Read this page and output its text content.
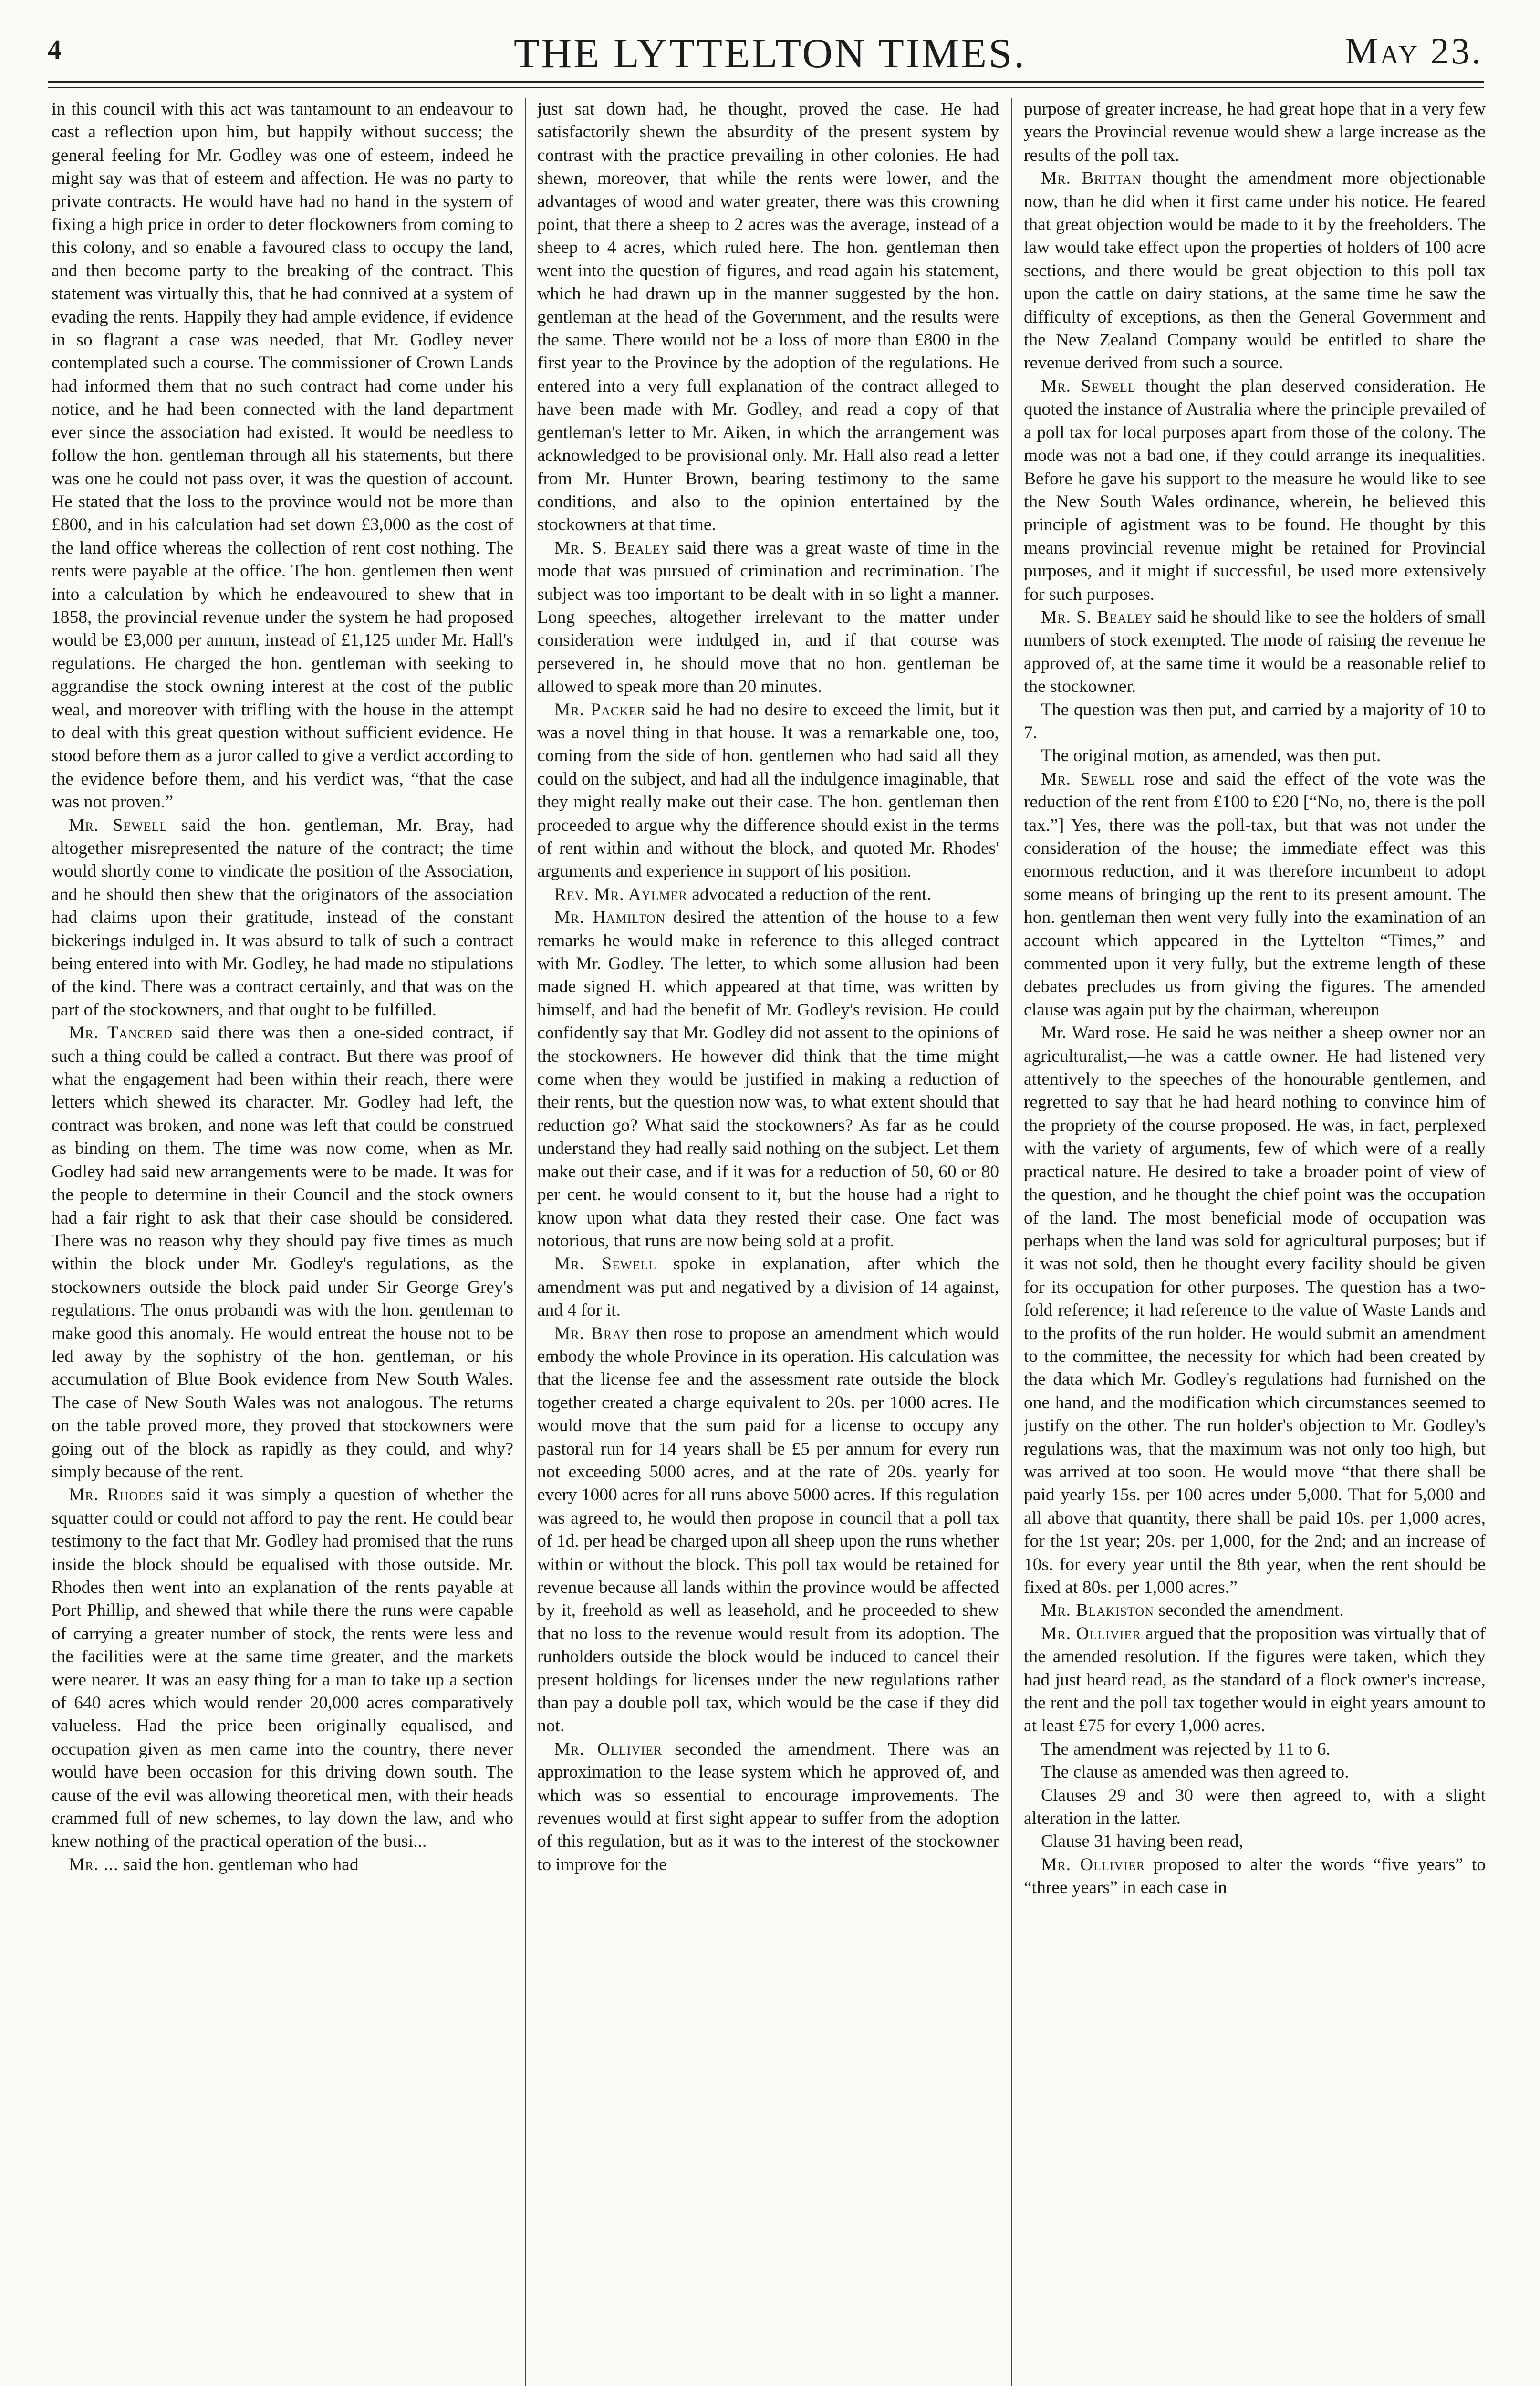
4	THE LYTTELTON TIMES.	May 23.

in this council with this act was tantamount to an endeavour to cast a reflection upon him, but happily without success; the general feeling for Mr. Godley was one of esteem, indeed he might say was that of esteem and affection. He was no party to private contracts. He would have had no hand in the system of fixing a high price in order to deter flockowners from coming to this colony, and so enable a favoured class to occupy the land, and then become party to the breaking of the contract. This statement was virtually this, that he had connived at a system of evading the rents. Happily they had ample evidence, if evidence in so flagrant a case was needed, that Mr. Godley never contemplated such a course. The commissioner of Crown Lands had informed them that no such contract had come under his notice, and he had been connected with the land department ever since the association had existed. It would be needless to follow the hon. gentleman through all his statements, but there was one he could not pass over, it was the question of account. He stated that the loss to the province would not be more than £800, and in his calculation had set down £3,000 as the cost of the land office whereas the collection of rent cost nothing. The rents were payable at the office. The hon. gentlemen then went into a calculation by which he endeavoured to shew that in 1858, the provincial revenue under the system he had proposed would be £3,000 per annum, instead of £1,125 under Mr. Hall's regulations. He charged the hon. gentleman with seeking to aggrandise the stock owning interest at the cost of the public weal, and moreover with trifling with the house in the attempt to deal with this great question without sufficient evidence. He stood before them as a juror called to give a verdict according to the evidence before them, and his verdict was, “that the case was not proven.”

Mr. Sewell said the hon. gentleman, Mr. Bray, had altogether misrepresented the nature of the contract; the time would shortly come to vindicate the position of the Association, and he should then shew that the originators of the association had claims upon their gratitude, instead of the constant bickerings indulged in. It was absurd to talk of such a contract being entered into with Mr. Godley, he had made no stipulations of the kind. There was a contract certainly, and that was on the part of the stockowners, and that ought to be fulfilled.

Mr. Tancred said there was then a one-sided contract, if such a thing could be called a contract. But there was proof of what the engagement had been within their reach, there were letters which shewed its character. Mr. Godley had left, the contract was broken, and none was left that could be construed as binding on them. The time was now come, when as Mr. Godley had said new arrangements were to be made. It was for the people to determine in their Council and the stock owners had a fair right to ask that their case should be considered. There was no reason why they should pay five times as much within the block under Mr. Godley's regulations, as the stockowners outside the block paid under Sir George Grey's regulations. The onus probandi was with the hon. gentleman to make good this anomaly. He would entreat the house not to be led away by the sophistry of the hon. gentleman, or his accumulation of Blue Book evidence from New South Wales. The case of New South Wales was not analogous. The returns on the table proved more, they proved that stockowners were going out of the block as rapidly as they could, and why? simply because of the rent.

Mr. Rhodes said it was simply a question of whether the squatter could or could not afford to pay the rent. He could bear testimony to the fact that Mr. Godley had promised that the runs inside the block should be equalised with those outside. Mr. Rhodes then went into an explanation of the rents payable at Port Phillip, and shewed that while there the runs were capable of carrying a greater number of stock, the rents were less and the facilities were at the same time greater, and the markets were nearer. It was an easy thing for a man to take up a section of 640 acres which would render 20,000 acres comparatively valueless. Had the price been originally equalised, and occupation given as men came into the country, there never would have been occasion for this driving down south. The cause of the evil was allowing theoretical men, with their heads crammed full of new schemes, to lay down the law, and who knew nothing of the practical operation of the busi...

Mr. ... said the hon. gentleman who had

just sat down had, he thought, proved the case. He had satisfactorily shewn the absurdity of the present system by contrast with the practice prevailing in other colonies. He had shewn, moreover, that while the rents were lower, and the advantages of wood and water greater, there was this crowning point, that there a sheep to 2 acres was the average, instead of a sheep to 4 acres, which ruled here. The hon. gentleman then went into the question of figures, and read again his statement, which he had drawn up in the manner suggested by the hon. gentleman at the head of the Government, and the results were the same. There would not be a loss of more than £800 in the first year to the Province by the adoption of the regulations. He entered into a very full explanation of the contract alleged to have been made with Mr. Godley, and read a copy of that gentleman's letter to Mr. Aiken, in which the arrangement was acknowledged to be provisional only. Mr. Hall also read a letter from Mr. Hunter Brown, bearing testimony to the same conditions, and also to the opinion entertained by the stockowners at that time.

Mr. S. Bealey said there was a great waste of time in the mode that was pursued of crimination and recrimination. The subject was too important to be dealt with in so light a manner. Long speeches, altogether irrelevant to the matter under consideration were indulged in, and if that course was persevered in, he should move that no hon. gentleman be allowed to speak more than 20 minutes.

Mr. Packer said he had no desire to exceed the limit, but it was a novel thing in that house. It was a remarkable one, too, coming from the side of hon. gentlemen who had said all they could on the subject, and had all the indulgence imaginable, that they might really make out their case. The hon. gentleman then proceeded to argue why the difference should exist in the terms of rent within and without the block, and quoted Mr. Rhodes' arguments and experience in support of his position.

Rev. Mr. Aylmer advocated a reduction of the rent.

Mr. Hamilton desired the attention of the house to a few remarks he would make in reference to this alleged contract with Mr. Godley. The letter, to which some allusion had been made signed H. which appeared at that time, was written by himself, and had the benefit of Mr. Godley's revision. He could confidently say that Mr. Godley did not assent to the opinions of the stockowners. He however did think that the time might come when they would be justified in making a reduction of their rents, but the question now was, to what extent should that reduction go? What said the stockowners? As far as he could understand they had really said nothing on the subject. Let them make out their case, and if it was for a reduction of 50, 60 or 80 per cent. he would consent to it, but the house had a right to know upon what data they rested their case. One fact was notorious, that runs are now being sold at a profit.

Mr. Sewell spoke in explanation, after which the amendment was put and negatived by a division of 14 against, and 4 for it.

Mr. Bray then rose to propose an amendment which would embody the whole Province in its operation. His calculation was that the license fee and the assessment rate outside the block together created a charge equivalent to 20s. per 1000 acres. He would move that the sum paid for a license to occupy any pastoral run for 14 years shall be £5 per annum for every run not exceeding 5000 acres, and at the rate of 20s. yearly for every 1000 acres for all runs above 5000 acres. If this regulation was agreed to, he would then propose in council that a poll tax of 1d. per head be charged upon all sheep upon the runs whether within or without the block. This poll tax would be retained for revenue because all lands within the province would be affected by it, freehold as well as leasehold, and he proceeded to shew that no loss to the revenue would result from its adoption. The runholders outside the block would be induced to cancel their present holdings for licenses under the new regulations rather than pay a double poll tax, which would be the case if they did not.

Mr. Ollivier seconded the amendment. There was an approximation to the lease system which he approved of, and which was so essential to encourage improvements. The revenues would at first sight appear to suffer from the adoption of this regulation, but as it was to the interest of the stockowner to improve for the

purpose of greater increase, he had great hope that in a very few years the Provincial revenue would shew a large increase as the results of the poll tax.

Mr. Brittan thought the amendment more objectionable now, than he did when it first came under his notice. He feared that great objection would be made to it by the freeholders. The law would take effect upon the properties of holders of 100 acre sections, and there would be great objection to this poll tax upon the cattle on dairy stations, at the same time he saw the difficulty of exceptions, as then the General Government and the New Zealand Company would be entitled to share the revenue derived from such a source.

Mr. Sewell thought the plan deserved consideration. He quoted the instance of Australia where the principle prevailed of a poll tax for local purposes apart from those of the colony. The mode was not a bad one, if they could arrange its inequalities. Before he gave his support to the measure he would like to see the New South Wales ordinance, wherein, he believed this principle of agistment was to be found. He thought by this means provincial revenue might be retained for Provincial purposes, and it might if successful, be used more extensively for such purposes.

Mr. S. Bealey said he should like to see the holders of small numbers of stock exempted. The mode of raising the revenue he approved of, at the same time it would be a reasonable relief to the stockowner.

The question was then put, and carried by a majority of 10 to 7.

The original motion, as amended, was then put.

Mr. Sewell rose and said the effect of the vote was the reduction of the rent from £100 to £20 [“No, no, there is the poll tax.”] Yes, there was the poll-tax, but that was not under the consideration of the house; the immediate effect was this enormous reduction, and it was therefore incumbent to adopt some means of bringing up the rent to its present amount. The hon. gentleman then went very fully into the examination of an account which appeared in the Lyttelton “Times,” and commented upon it very fully, but the extreme length of these debates precludes us from giving the figures. The amended clause was again put by the chairman, whereupon

Mr. Ward rose. He said he was neither a sheep owner nor an agriculturalist,—he was a cattle owner. He had listened very attentively to the speeches of the honourable gentlemen, and regretted to say that he had heard nothing to convince him of the propriety of the course proposed. He was, in fact, perplexed with the variety of arguments, few of which were of a really practical nature. He desired to take a broader point of view of the question, and he thought the chief point was the occupation of the land. The most beneficial mode of occupation was perhaps when the land was sold for agricultural purposes; but if it was not sold, then he thought every facility should be given for its occupation for other purposes. The question has a two-fold reference; it had reference to the value of Waste Lands and to the profits of the run holder. He would submit an amendment to the committee, the necessity for which had been created by the data which Mr. Godley's regulations had furnished on the one hand, and the modification which circumstances seemed to justify on the other. The run holder's objection to Mr. Godley's regulations was, that the maximum was not only too high, but was arrived at too soon. He would move “that there shall be paid yearly 15s. per 100 acres under 5,000. That for 5,000 and all above that quantity, there shall be paid 10s. per 1,000 acres, for the 1st year; 20s. per 1,000, for the 2nd; and an increase of 10s. for every year until the 8th year, when the rent should be fixed at 80s. per 1,000 acres.”

Mr. Blakiston seconded the amendment.

Mr. Ollivier argued that the proposition was virtually that of the amended resolution. If the figures were taken, which they had just heard read, as the standard of a flock owner's increase, the rent and the poll tax together would in eight years amount to at least £75 for every 1,000 acres.

The amendment was rejected by 11 to 6.

The clause as amended was then agreed to.

Clauses 29 and 30 were then agreed to, with a slight alteration in the latter.

Clause 31 having been read,

Mr. Ollivier proposed to alter the words “five years” to “three years” in each case in
